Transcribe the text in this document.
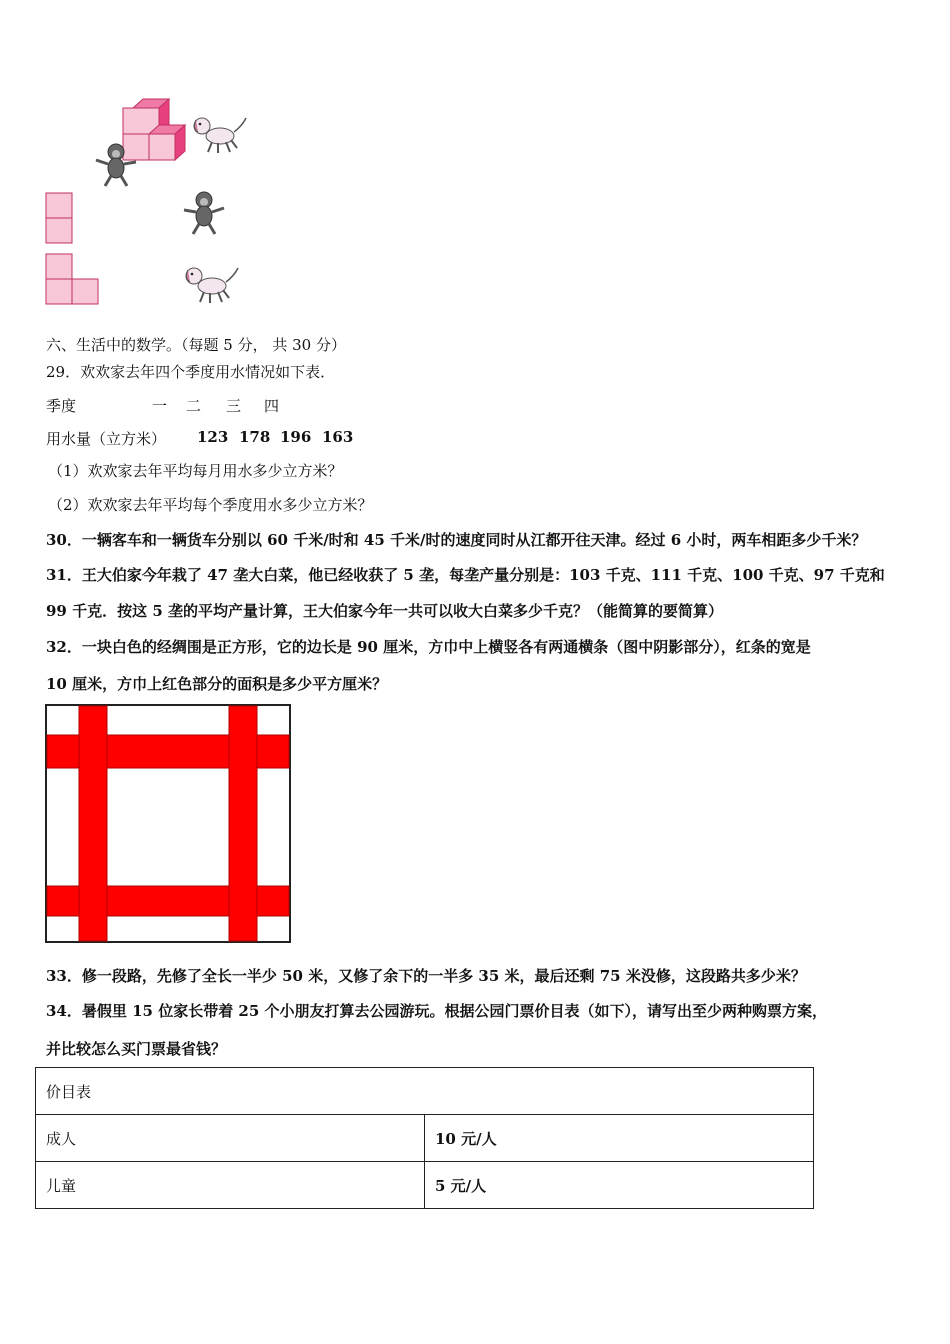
六、生活中的数学。（每题 5 分， 共 30 分）
29．欢欢家去年四个季度用水情况如下表．
季度	一 二 三 四
用水量（立方米） 123 178 196 163
（1）欢欢家去年平均每月用水多少立方米？
（2）欢欢家去年平均每个季度用水多少立方米？
30．一辆客车和一辆货车分别以 60 千米/时和 45 千米/时的速度同时从江都开往天津。经过 6 小时，两车相距多少千米？
31．王大伯家今年栽了 47 垄大白菜，他已经收获了 5 垄，每垄产量分别是：103 千克、111 千克、100 千克、97 千克和
99 千克．按这 5 垄的平均产量计算，王大伯家今年一共可以收大白菜多少千克？（能简算的要简算）
32．一块白色的经绸围是正方形，它的边长是 90 厘米，方巾中上横竖各有两通横条（图中阴影部分），红条的宽是
10 厘米，方巾上红色部分的面积是多少平方厘米？
33．修一段路，先修了全长一半少 50 米，又修了余下的一半多 35 米，最后还剩 75 米没修，这段路共多少米？
34．暑假里 15 位家长带着 25 个小朋友打算去公园游玩。根据公园门票价目表（如下），请写出至少两种购票方案，
并比较怎么买门票最省钱？
价目表	
成人	10 元/人
儿童	5 元/人
